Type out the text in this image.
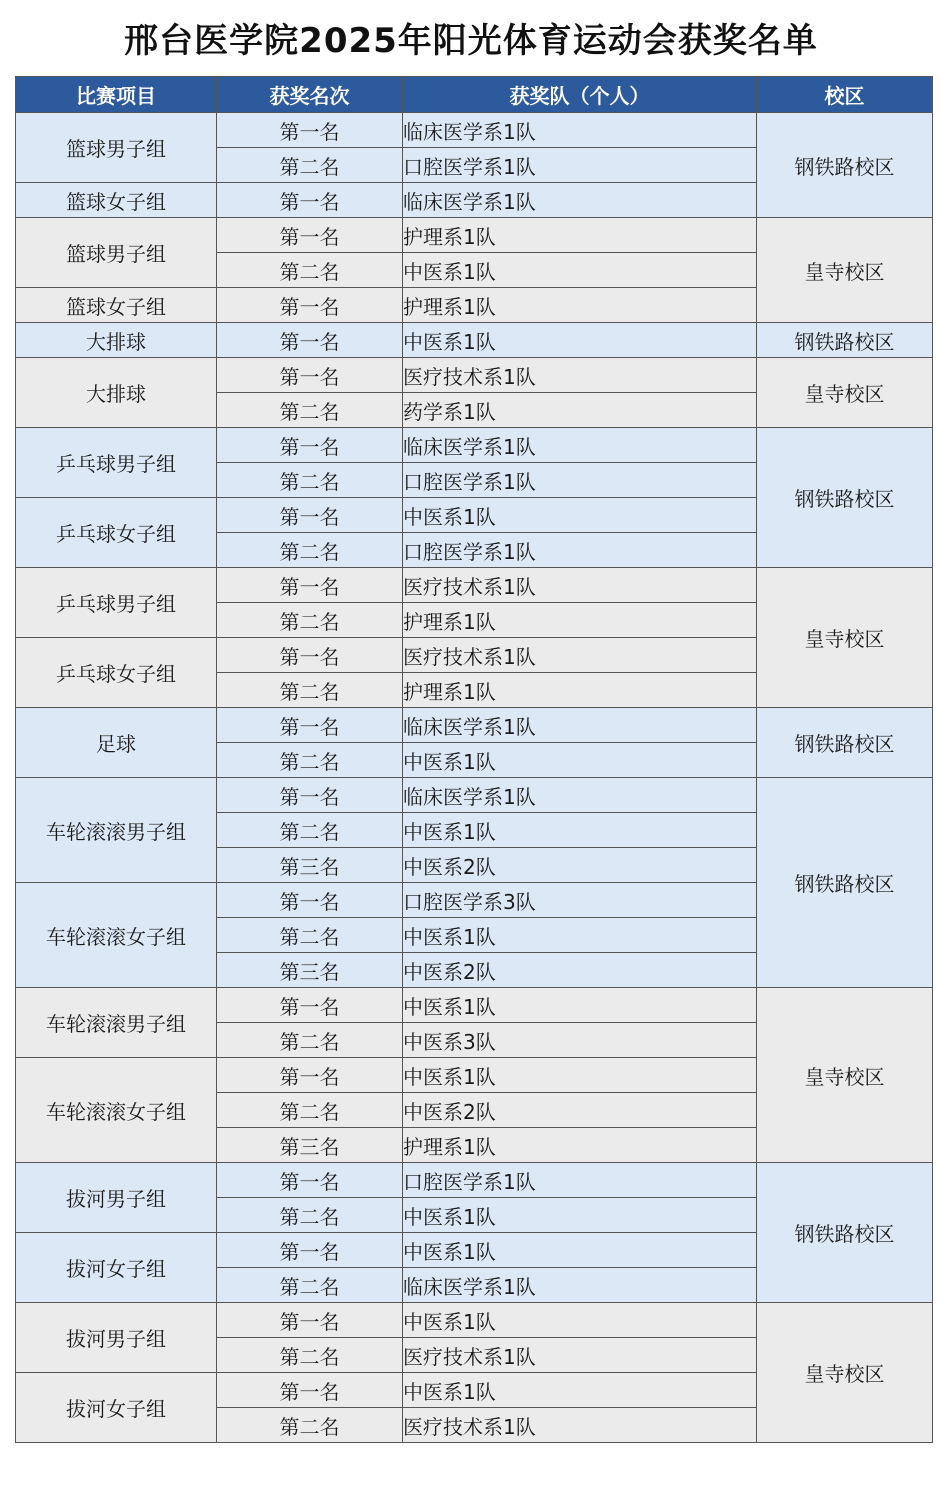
邢台医学院2025年阳光体育运动会获奖名单
比赛项目	获奖名次	获奖队（个人）	校区
篮球男子组	第一名	临床医学系1队	钢铁路校区
	第二名	口腔医学系1队	
篮球女子组	第一名	临床医学系1队	
篮球男子组	第一名	护理系1队	皇寺校区
	第二名	中医系1队	
篮球女子组	第一名	护理系1队	
大排球	第一名	中医系1队	钢铁路校区
大排球	第一名	医疗技术系1队	皇寺校区
	第二名	药学系1队	
乒乓球男子组	第一名	临床医学系1队	钢铁路校区
	第二名	口腔医学系1队	
乒乓球女子组	第一名	中医系1队	
	第二名	口腔医学系1队	
乒乓球男子组	第一名	医疗技术系1队	皇寺校区
	第二名	护理系1队	
乒乓球女子组	第一名	医疗技术系1队	
	第二名	护理系1队	
足球	第一名	临床医学系1队	钢铁路校区
	第二名	中医系1队	
车轮滚滚男子组	第一名	临床医学系1队	钢铁路校区
	第二名	中医系1队	
	第三名	中医系2队	
车轮滚滚女子组	第一名	口腔医学系3队	
	第二名	中医系1队	
	第三名	中医系2队	
车轮滚滚男子组	第一名	中医系1队	皇寺校区
	第二名	中医系3队	
车轮滚滚女子组	第一名	中医系1队	
	第二名	中医系2队	
	第三名	护理系1队	
拔河男子组	第一名	口腔医学系1队	钢铁路校区
	第二名	中医系1队	
拔河女子组	第一名	中医系1队	
	第二名	临床医学系1队	
拔河男子组	第一名	中医系1队	皇寺校区
	第二名	医疗技术系1队	
拔河女子组	第一名	中医系1队	
	第二名	医疗技术系1队	
